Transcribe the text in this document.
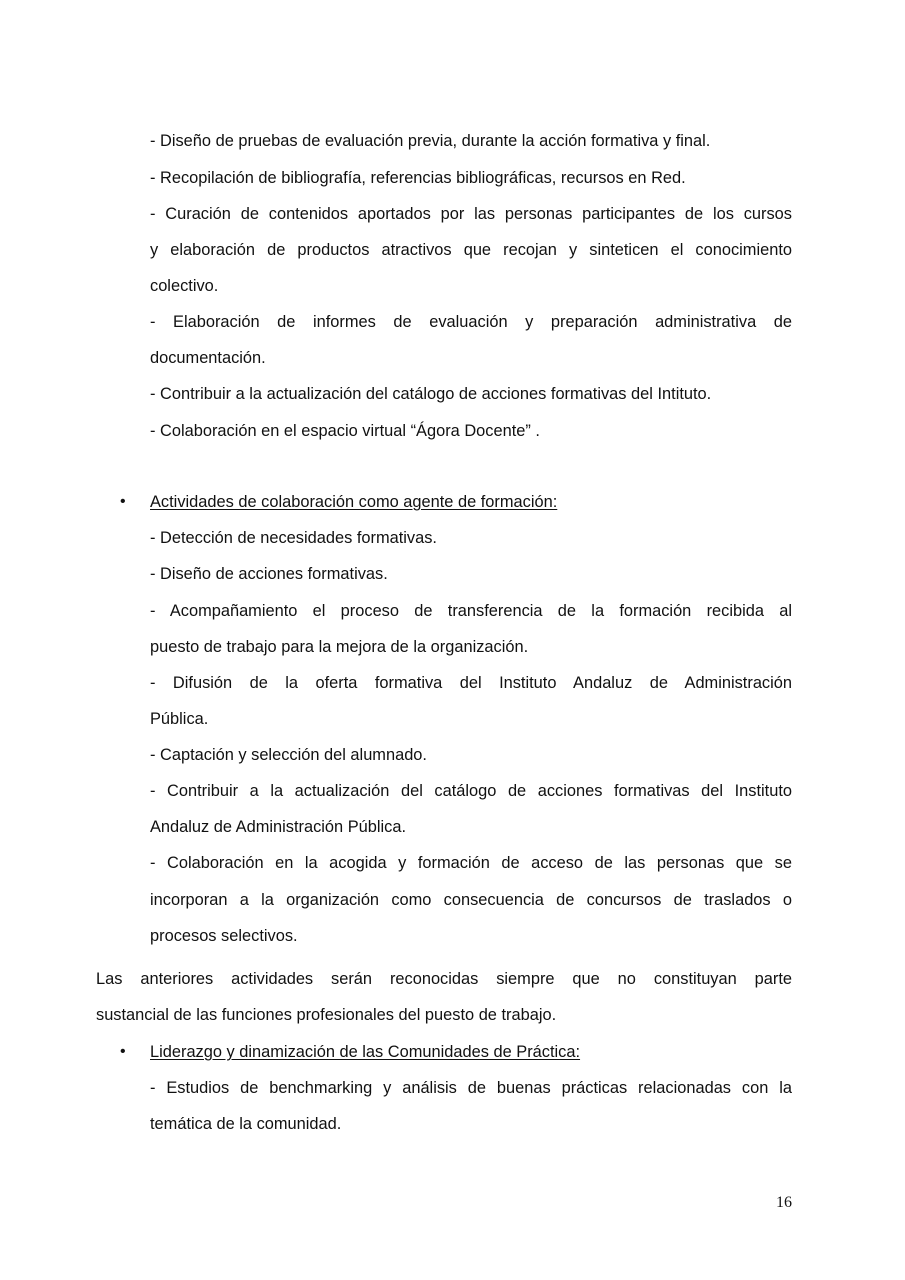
- Diseño de pruebas de evaluación previa, durante la acción formativa y final.
- Recopilación de bibliografía, referencias bibliográficas, recursos en Red.
- Curación de contenidos aportados por las personas participantes de los cursos
y elaboración de productos atractivos que recojan y sinteticen el conocimiento
colectivo.
- Elaboración de informes de evaluación y preparación administrativa de
documentación.
- Contribuir a la actualización del catálogo de acciones formativas del Intituto.
- Colaboración en el espacio virtual “Ágora Docente” .
• Actividades de colaboración como agente de formación:
- Detección de necesidades formativas.
- Diseño de acciones formativas.
- Acompañamiento el proceso de transferencia de la formación recibida al
puesto de trabajo para la mejora de la organización.
- Difusión de la oferta formativa del Instituto Andaluz de Administración
Pública.
- Captación y selección del alumnado.
- Contribuir a la actualización del catálogo de acciones formativas del Instituto
Andaluz de Administración Pública.
- Colaboración en la acogida y formación de acceso de las personas que se
incorporan a la organización como consecuencia de concursos de traslados o
procesos selectivos.
Las anteriores actividades serán reconocidas siempre que no constituyan parte
sustancial de las funciones profesionales del puesto de trabajo.
• Liderazgo y dinamización de las Comunidades de Práctica:
- Estudios de benchmarking y análisis de buenas prácticas relacionadas con la
temática de la comunidad.
16
